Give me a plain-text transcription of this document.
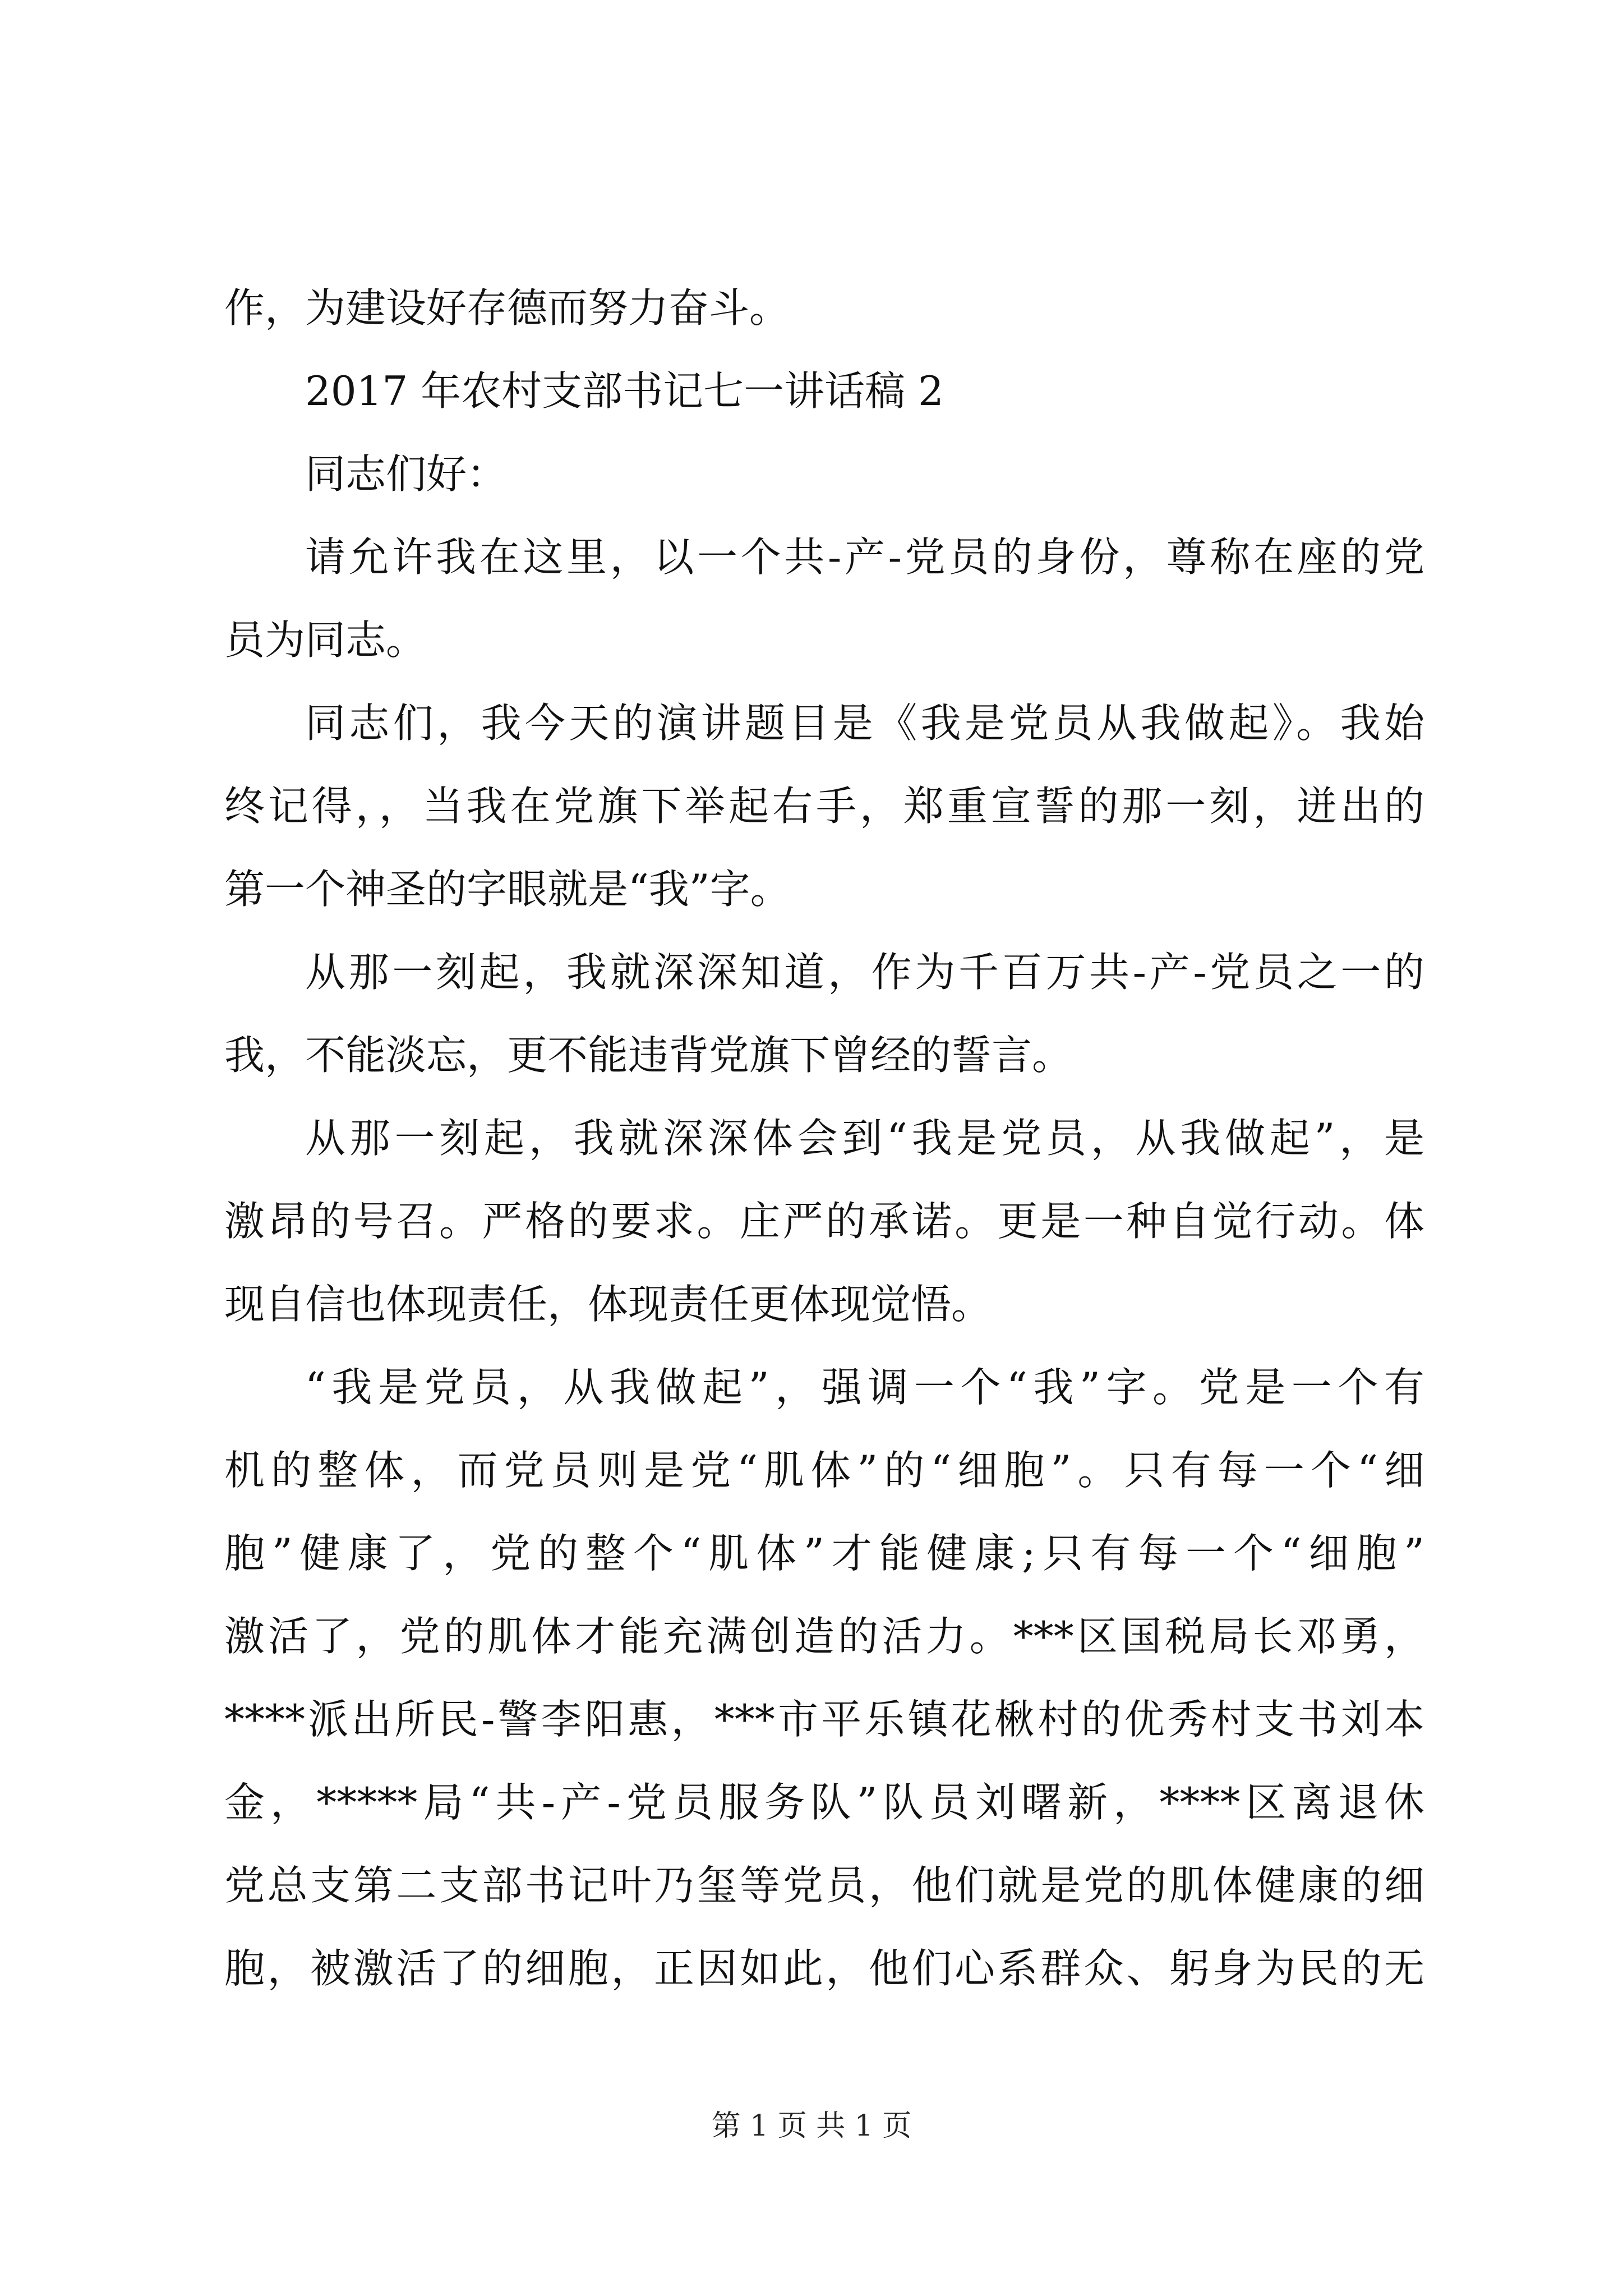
作，为建设好存德而努力奋斗。
2017 年农村支部书记七一讲话稿 2
同志们好：
请允许我在这里，以一个共-产-党员的身份，尊称在座的党
员为同志。
同志们，我今天的演讲题目是《我是党员从我做起》。我始
终记得，，当我在党旗下举起右手，郑重宣誓的那一刻，迸出的
第一个神圣的字眼就是“我”字。
从那一刻起，我就深深知道，作为千百万共-产-党员之一的
我，不能淡忘，更不能违背党旗下曾经的誓言。
从那一刻起，我就深深体会到“我是党员，从我做起”，是
激昂的号召。严格的要求。庄严的承诺。更是一种自觉行动。体
现自信也体现责任，体现责任更体现觉悟。
“我是党员，从我做起”，强调一个“我”字。党是一个有
机的整体，而党员则是党“肌体”的“细胞”。只有每一个“细
胞”健康了，党的整个“肌体”才能健康;只有每一个“细胞”
激活了，党的肌体才能充满创造的活力。***区国税局长邓勇，
****派出所民-警李阳惠，***市平乐镇花楸村的优秀村支书刘本
金，*****局“共-产-党员服务队”队员刘曙新，****区离退休
党总支第二支部书记叶乃玺等党员，他们就是党的肌体健康的细
胞，被激活了的细胞，正因如此，他们心系群众、躬身为民的无
第 1 页 共 1 页
